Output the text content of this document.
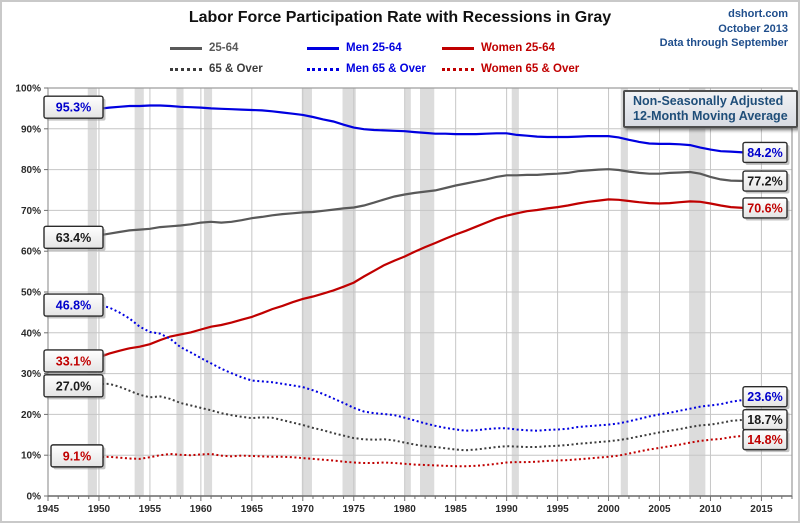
Labor Force Participation Rate with Recessions in Gray	dshort.com
October 2013
Data through September
25-64	Men 25-64	Women 25-64
65 & Over	Men 65 & Over	Women 65 & Over
1945	1950	1955	1960	1965	1970	1975	1980	1985	1990	1995	2000	2005	2010	2015
0%
10%
20%
30%
40%
50%
60%
70%
80%
90%
100%
95.3%
63.4%
46.8%
33.1%
27.0%
9.1%
84.2%
77.2%
70.6%
23.6%
18.7%
14.8%
Non-Seasonally Adjusted
12-Month Moving Average
